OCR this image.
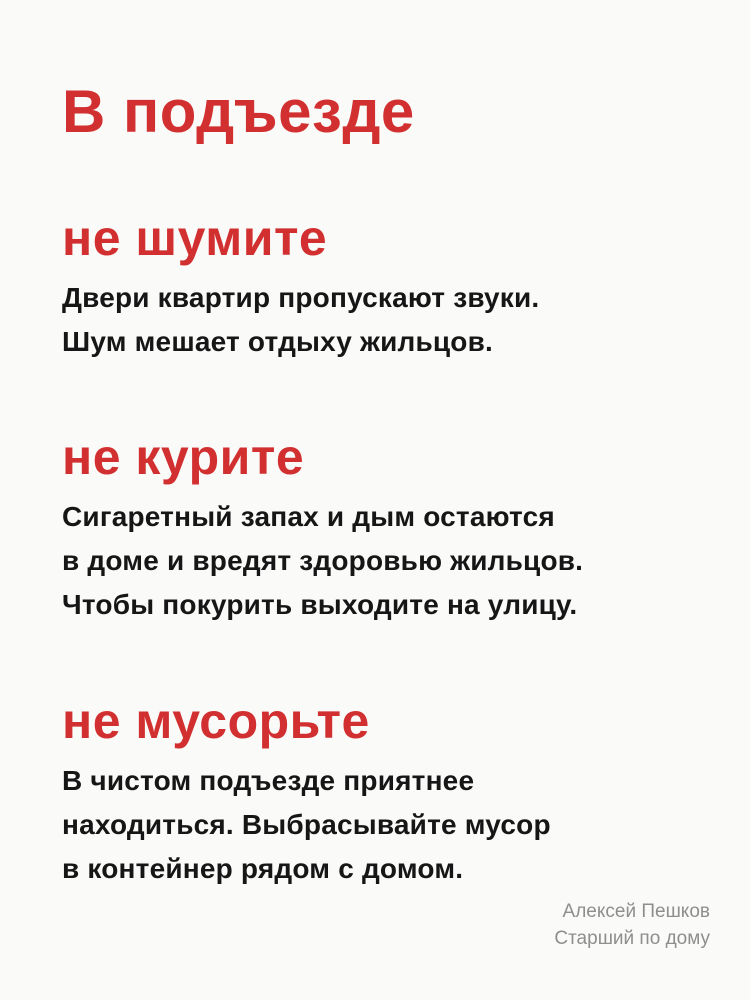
В подъезде
не шумите
Двери квартир пропускают звуки.
Шум мешает отдыху жильцов.
не курите
Сигаретный запах и дым остаются
в доме и вредят здоровью жильцов.
Чтобы покурить выходите на улицу.
не мусорьте
В чистом подъезде приятнее
находиться. Выбрасывайте мусор
в контейнер рядом с домом.
Алексей Пешков
Старший по дому
